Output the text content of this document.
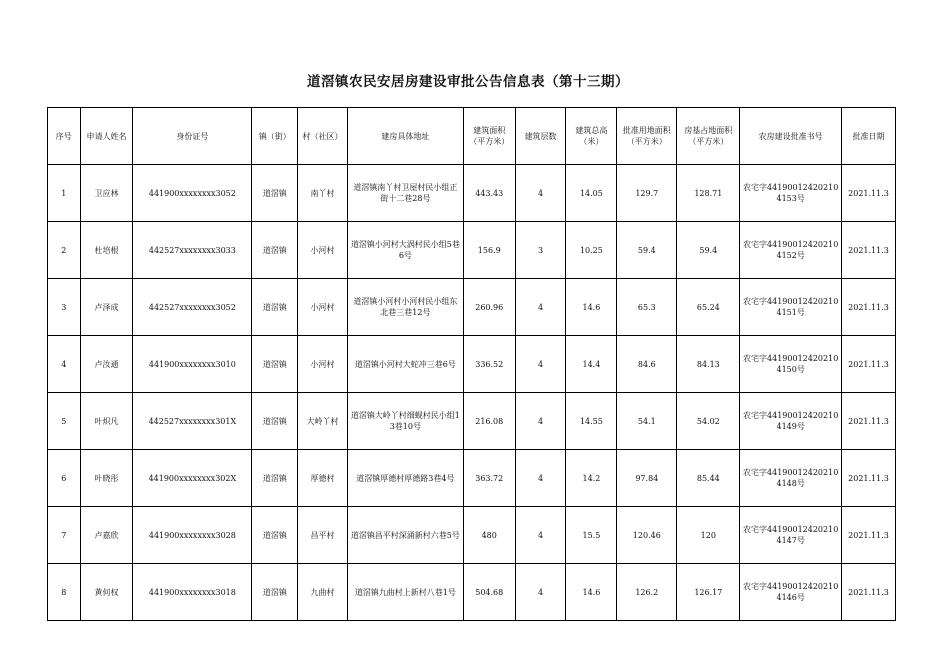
道滘镇农民安居房建设审批公告信息表（第十三期）
序号	申请人姓名	身份证号	镇（街）	村（社区）	建房具体地址	建筑面积（平方米）	建筑层数	建筑总高（米）	批准用地面积（平方米）	房基占地面积（平方米）	农房建设批准书号	批准日期
1	卫应林	441900xxxxxxxx3052	道滘镇	南丫村	道滘镇南丫村卫屋村民小组正街十二巷28号	443.43	4	14.05	129.7	128.71	农宅字441900124202104153号	2021.11.3
2	杜培根	442527xxxxxxxx3033	道滘镇	小河村	道滘镇小河村大涡村民小组5巷6号	156.9	3	10.25	59.4	59.4	农宅字441900124202104152号	2021.11.3
3	卢泽成	442527xxxxxxxx3052	道滘镇	小河村	道滘镇小河村小河村民小组东北巷三巷12号	260.96	4	14.6	65.3	65.24	农宅字441900124202104151号	2021.11.3
4	卢汝通	441900xxxxxxxx3010	道滘镇	小河村	道滘镇小河村大蛇冲三巷6号	336.52	4	14.4	84.6	84.13	农宅字441900124202104150号	2021.11.3
5	叶炽凡	442527xxxxxxxx301X	道滘镇	大岭丫村	道滘镇大岭丫村细蚬村民小组13巷10号	216.08	4	14.55	54.1	54.02	农宅字441900124202104149号	2021.11.3
6	叶晓彤	441900xxxxxxxx302X	道滘镇	厚德村	道滘镇厚德村厚德路3巷4号	363.72	4	14.2	97.84	85.44	农宅字441900124202104148号	2021.11.3
7	卢嘉欣	441900xxxxxxxx3028	道滘镇	昌平村	道滘镇昌平村深涌新村六巷5号	480	4	15.5	120.46	120	农宅字441900124202104147号	2021.11.3
8	黄何权	441900xxxxxxxx3018	道滘镇	九曲村	道滘镇九曲村上新村八巷1号	504.68	4	14.6	126.2	126.17	农宅字441900124202104146号	2021.11.3
